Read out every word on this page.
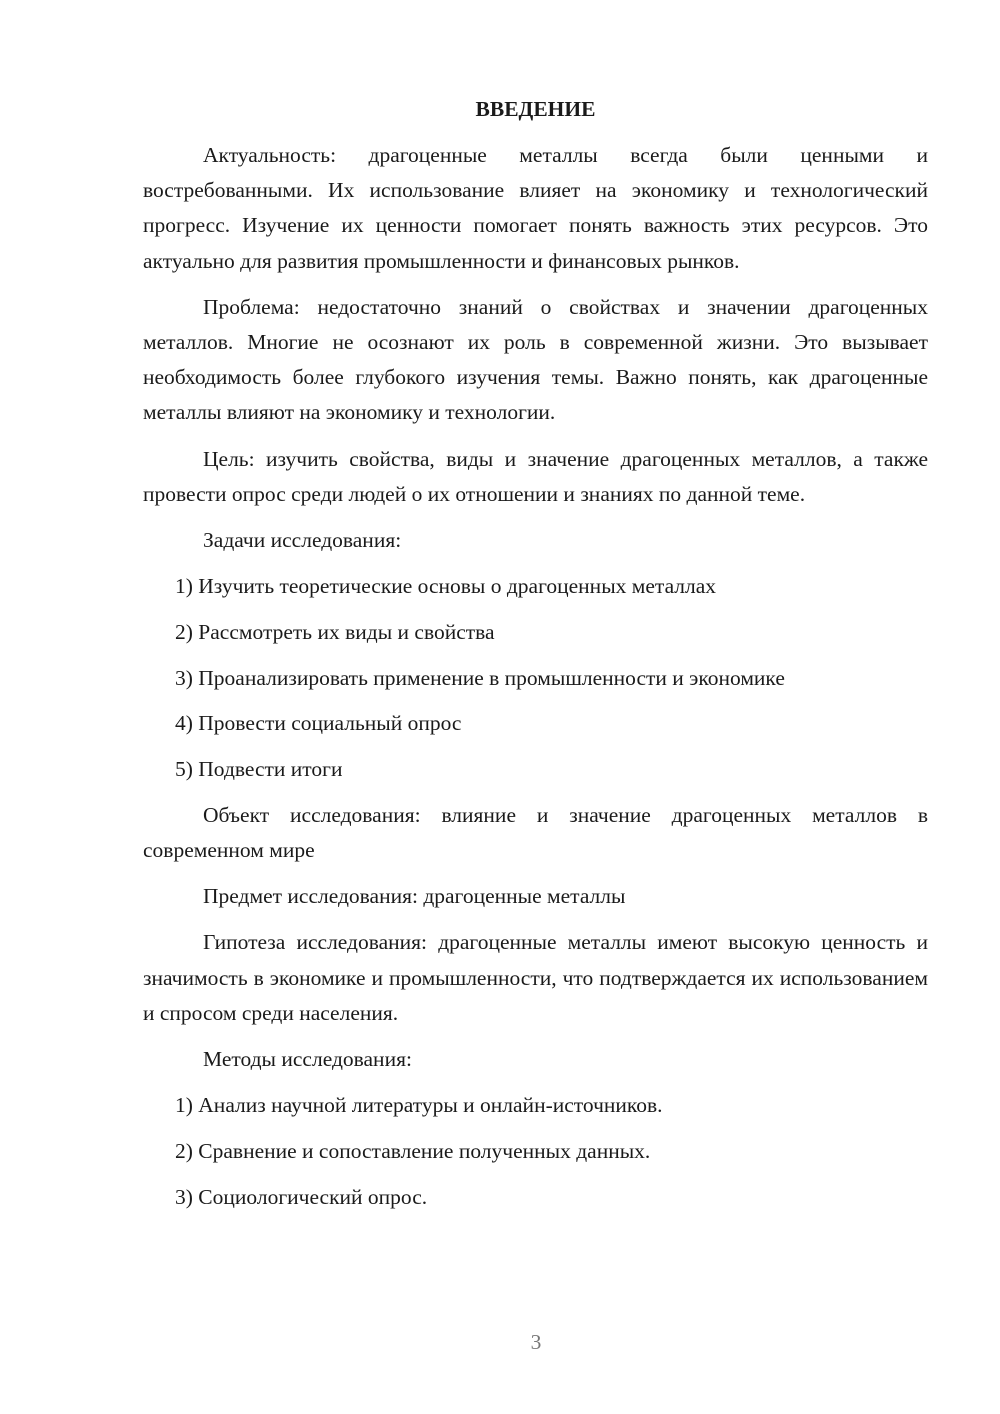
ВВЕДЕНИЕ

Актуальность: драгоценные металлы всегда были ценными и востребованными. Их использование влияет на экономику и технологический прогресс. Изучение их ценности помогает понять важность этих ресурсов. Это актуально для развития промышленности и финансовых рынков.

Проблема: недостаточно знаний о свойствах и значении драгоценных металлов. Многие не осознают их роль в современной жизни. Это вызывает необходимость более глубокого изучения темы. Важно понять, как драгоценные металлы влияют на экономику и технологии.

Цель: изучить свойства, виды и значение драгоценных металлов, а также провести опрос среди людей о их отношении и знаниях по данной теме.

Задачи исследования:

1) Изучить теоретические основы о драгоценных металлах

2) Рассмотреть их виды и свойства

3) Проанализировать применение в промышленности и экономике

4) Провести социальный опрос

5) Подвести итоги

Объект исследования: влияние и значение драгоценных металлов в современном мире

Предмет исследования: драгоценные металлы

Гипотеза исследования: драгоценные металлы имеют высокую ценность и значимость в экономике и промышленности, что подтверждается их использованием и спросом среди населения.

Методы исследования:

1) Анализ научной литературы и онлайн-источников.

2) Сравнение и сопоставление полученных данных.

3) Социологический опрос.

3
